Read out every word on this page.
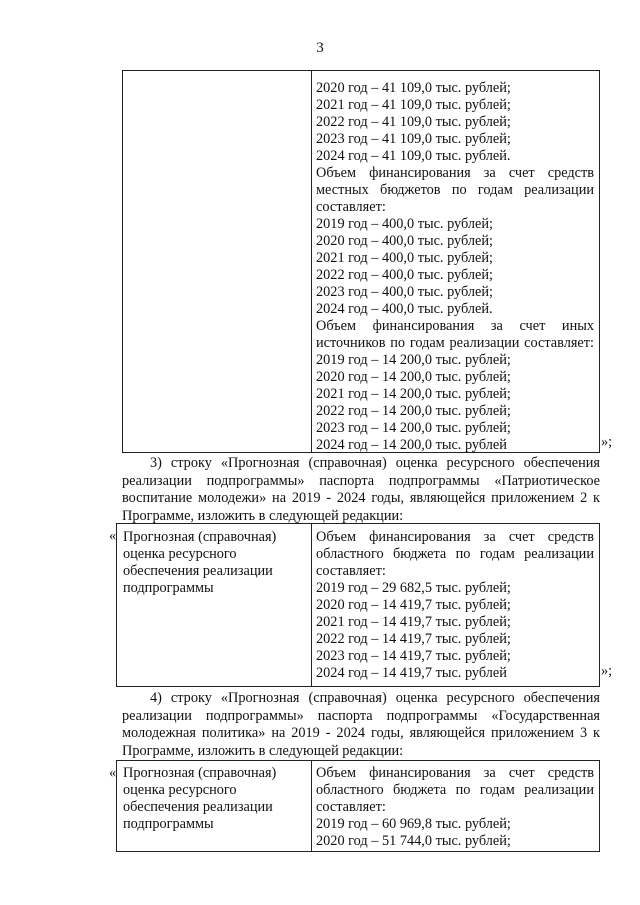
3
2020 год – 41 109,0 тыс. рублей;
2021 год – 41 109,0 тыс. рублей;
2022 год – 41 109,0 тыс. рублей;
2023 год – 41 109,0 тыс. рублей;
2024 год – 41 109,0 тыс. рублей.
Объем финансирования за счет средств
местных бюджетов по годам реализации
составляет:
2019 год – 400,0 тыс. рублей;
2020 год – 400,0 тыс. рублей;
2021 год – 400,0 тыс. рублей;
2022 год – 400,0 тыс. рублей;
2023 год – 400,0 тыс. рублей;
2024 год – 400,0 тыс. рублей.
Объем финансирования за счет иных
источников по годам реализации составляет:
2019 год – 14 200,0 тыс. рублей;
2020 год – 14 200,0 тыс. рублей;
2021 год – 14 200,0 тыс. рублей;
2022 год – 14 200,0 тыс. рублей;
2023 год – 14 200,0 тыс. рублей;
2024 год – 14 200,0 тыс. рублей	»;
3) строку «Прогнозная (справочная) оценка ресурсного обеспечения
реализации подпрограммы» паспорта подпрограммы «Патриотическое
воспитание молодежи» на 2019 - 2024 годы, являющейся приложением 2 к
Программе, изложить в следующей редакции:
« Прогнозная (справочная)
оценка ресурсного
обеспечения реализации
подпрограммы
Объем финансирования за счет средств
областного бюджета по годам реализации
составляет:
2019 год – 29 682,5 тыс. рублей;
2020 год – 14 419,7 тыс. рублей;
2021 год – 14 419,7 тыс. рублей;
2022 год – 14 419,7 тыс. рублей;
2023 год – 14 419,7 тыс. рублей;
2024 год – 14 419,7 тыс. рублей	»;
4) строку «Прогнозная (справочная) оценка ресурсного обеспечения
реализации подпрограммы» паспорта подпрограммы «Государственная
молодежная политика» на 2019 - 2024 годы, являющейся приложением 3 к
Программе, изложить в следующей редакции:
« Прогнозная (справочная)
оценка ресурсного
обеспечения реализации
подпрограммы
Объем финансирования за счет средств
областного бюджета по годам реализации
составляет:
2019 год – 60 969,8 тыс. рублей;
2020 год – 51 744,0 тыс. рублей;
